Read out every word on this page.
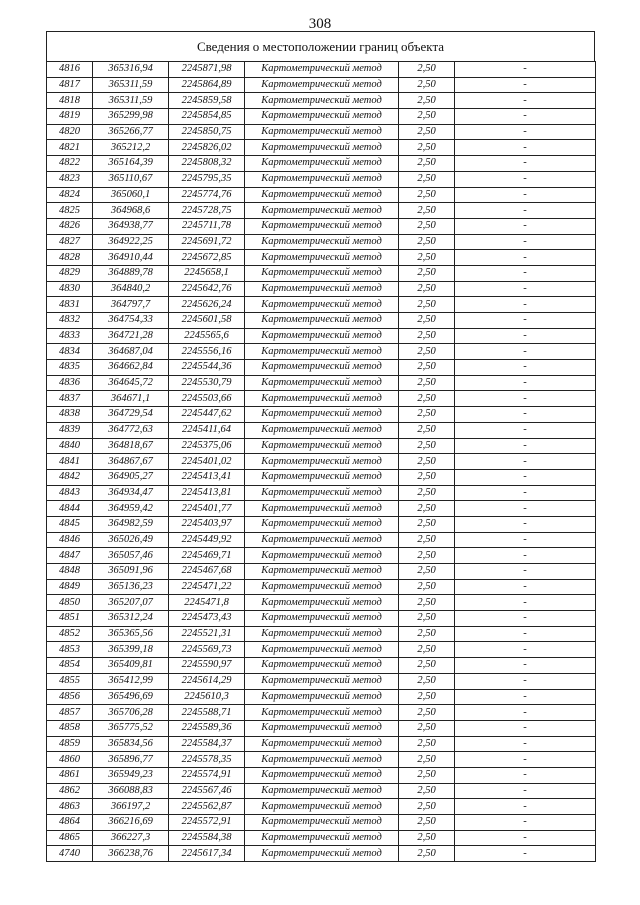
308
Сведения о местоположении границ объекта
4816	365316,94	2245871,98	Картометрический метод	2,50	-
4817	365311,59	2245864,89	Картометрический метод	2,50	-
4818	365311,59	2245859,58	Картометрический метод	2,50	-
4819	365299,98	2245854,85	Картометрический метод	2,50	-
4820	365266,77	2245850,75	Картометрический метод	2,50	-
4821	365212,2	2245826,02	Картометрический метод	2,50	-
4822	365164,39	2245808,32	Картометрический метод	2,50	-
4823	365110,67	2245795,35	Картометрический метод	2,50	-
4824	365060,1	2245774,76	Картометрический метод	2,50	-
4825	364968,6	2245728,75	Картометрический метод	2,50	-
4826	364938,77	2245711,78	Картометрический метод	2,50	-
4827	364922,25	2245691,72	Картометрический метод	2,50	-
4828	364910,44	2245672,85	Картометрический метод	2,50	-
4829	364889,78	2245658,1	Картометрический метод	2,50	-
4830	364840,2	2245642,76	Картометрический метод	2,50	-
4831	364797,7	2245626,24	Картометрический метод	2,50	-
4832	364754,33	2245601,58	Картометрический метод	2,50	-
4833	364721,28	2245565,6	Картометрический метод	2,50	-
4834	364687,04	2245556,16	Картометрический метод	2,50	-
4835	364662,84	2245544,36	Картометрический метод	2,50	-
4836	364645,72	2245530,79	Картометрический метод	2,50	-
4837	364671,1	2245503,66	Картометрический метод	2,50	-
4838	364729,54	2245447,62	Картометрический метод	2,50	-
4839	364772,63	2245411,64	Картометрический метод	2,50	-
4840	364818,67	2245375,06	Картометрический метод	2,50	-
4841	364867,67	2245401,02	Картометрический метод	2,50	-
4842	364905,27	2245413,41	Картометрический метод	2,50	-
4843	364934,47	2245413,81	Картометрический метод	2,50	-
4844	364959,42	2245401,77	Картометрический метод	2,50	-
4845	364982,59	2245403,97	Картометрический метод	2,50	-
4846	365026,49	2245449,92	Картометрический метод	2,50	-
4847	365057,46	2245469,71	Картометрический метод	2,50	-
4848	365091,96	2245467,68	Картометрический метод	2,50	-
4849	365136,23	2245471,22	Картометрический метод	2,50	-
4850	365207,07	2245471,8	Картометрический метод	2,50	-
4851	365312,24	2245473,43	Картометрический метод	2,50	-
4852	365365,56	2245521,31	Картометрический метод	2,50	-
4853	365399,18	2245569,73	Картометрический метод	2,50	-
4854	365409,81	2245590,97	Картометрический метод	2,50	-
4855	365412,99	2245614,29	Картометрический метод	2,50	-
4856	365496,69	2245610,3	Картометрический метод	2,50	-
4857	365706,28	2245588,71	Картометрический метод	2,50	-
4858	365775,52	2245589,36	Картометрический метод	2,50	-
4859	365834,56	2245584,37	Картометрический метод	2,50	-
4860	365896,77	2245578,35	Картометрический метод	2,50	-
4861	365949,23	2245574,91	Картометрический метод	2,50	-
4862	366088,83	2245567,46	Картометрический метод	2,50	-
4863	366197,2	2245562,87	Картометрический метод	2,50	-
4864	366216,69	2245572,91	Картометрический метод	2,50	-
4865	366227,3	2245584,38	Картометрический метод	2,50	-
4740	366238,76	2245617,34	Картометрический метод	2,50	-
